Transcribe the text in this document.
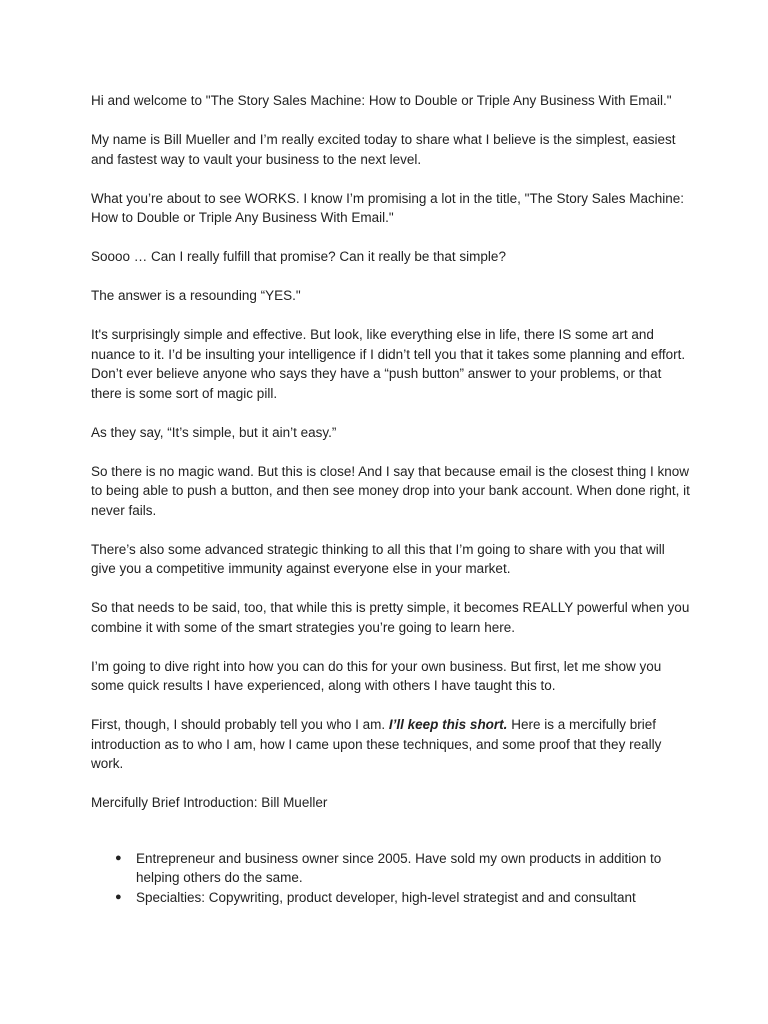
Hi and welcome to "The Story Sales Machine: How to Double or Triple Any Business With Email."

My name is Bill Mueller and I’m really excited today to share what I believe is the simplest, easiest and fastest way to vault your business to the next level.

What you’re about to see WORKS. I know I’m promising a lot in the title, "The Story Sales Machine: How to Double or Triple Any Business With Email."

Soooo … Can I really fulfill that promise? Can it really be that simple?

The answer is a resounding “YES."

It's surprisingly simple and effective. But look, like everything else in life, there IS some art and nuance to it. I’d be insulting your intelligence if I didn’t tell you that it takes some planning and effort. Don’t ever believe anyone who says they have a “push button” answer to your problems, or that there is some sort of magic pill.

As they say, “It’s simple, but it ain’t easy.”

So there is no magic wand. But this is close! And I say that because email is the closest thing I know to being able to push a button, and then see money drop into your bank account. When done right, it never fails.

There’s also some advanced strategic thinking to all this that I’m going to share with you that will give you a competitive immunity against everyone else in your market.

So that needs to be said, too, that while this is pretty simple, it becomes REALLY powerful when you combine it with some of the smart strategies you’re going to learn here.

I’m going to dive right into how you can do this for your own business. But first, let me show you some quick results I have experienced, along with others I have taught this to.

First, though, I should probably tell you who I am. I’ll keep this short. Here is a mercifully brief introduction as to who I am, how I came upon these techniques, and some proof that they really work.

Mercifully Brief Introduction: Bill Mueller

● Entrepreneur and business owner since 2005. Have sold my own products in addition to helping others do the same.
● Specialties: Copywriting, product developer, high-level strategist and and consultant
